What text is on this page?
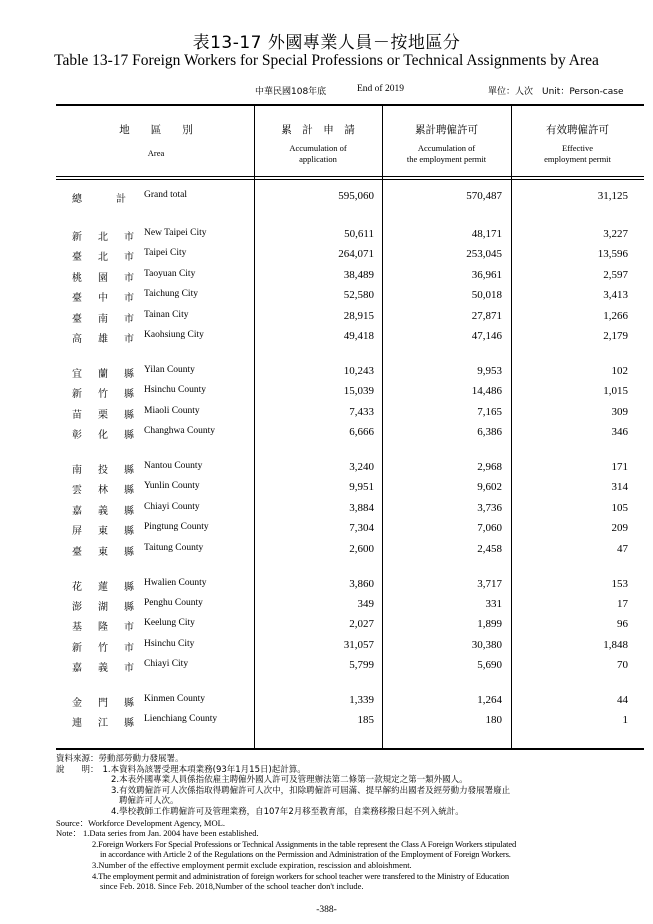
表13-17 外國專業人員－按地區分
Table 13-17 Foreign Workers for Special Professions or Technical Assignments by Area
中華民國108年底	End of 2019	單位：人次　Unit：Person-case
地　　區　　別
Area
累　計　申　請
Accumulation of
application
累計聘僱許可
Accumulation of
the employment permit
有效聘僱許可
Effective
employment permit
總　計 Grand total	595,060	570,487	31,125
新北市 New Taipei City	50,611	48,171	3,227
臺北市 Taipei City	264,071	253,045	13,596
桃園市 Taoyuan City	38,489	36,961	2,597
臺中市 Taichung City	52,580	50,018	3,413
臺南市 Tainan City	28,915	27,871	1,266
高雄市 Kaohsiung City	49,418	47,146	2,179
宜蘭縣 Yilan County	10,243	9,953	102
新竹縣 Hsinchu County	15,039	14,486	1,015
苗栗縣 Miaoli County	7,433	7,165	309
彰化縣 Changhwa County	6,666	6,386	346
南投縣 Nantou County	3,240	2,968	171
雲林縣 Yunlin County	9,951	9,602	314
嘉義縣 Chiayi County	3,884	3,736	105
屏東縣 Pingtung County	7,304	7,060	209
臺東縣 Taitung County	2,600	2,458	47
花蓮縣 Hwalien County	3,860	3,717	153
澎湖縣 Penghu County	349	331	17
基隆市 Keelung City	2,027	1,899	96
新竹市 Hsinchu City	31,057	30,380	1,848
嘉義市 Chiayi City	5,799	5,690	70
金門縣 Kinmen County	1,339	1,264	44
連江縣 Lienchiang County	185	180	1
資料來源：勞動部勞動力發展署。
說　　明： 1.本資料為該署受理本項業務(93年1月15日)起計算。
2.本表外國專業人員係指依雇主聘僱外國人許可及管理辦法第二條第一款規定之第一類外國人。
3.有效聘僱許可人次係指取得聘僱許可人次中，扣除聘僱許可屆滿、提早解約出國者及經勞動力發展署廢止
聘僱許可人次。
4.學校教師工作聘僱許可及管理業務，自107年2月移至教育部，自業務移撥日起不列入統計。
Source：Workforce Development Agency, MOL.
Note： 1.Data series from Jan. 2004 have been established.
2.Foreign Workers For Special Professions or Technical Assignments in the table represent the Class A Foreign Workers stipulated
in accordance with Article 2 of the Regulations on the Permission and Administration of the Employment of Foreign Workers.
3.Number of the effective employment permit exclude expiration, rescission and abloishment.
4.The employment permit and administration of foreign workers for school teacher were transfered to the Ministry of Education
since Feb. 2018. Since Feb. 2018,Number of the school teacher don't include.
-388-
